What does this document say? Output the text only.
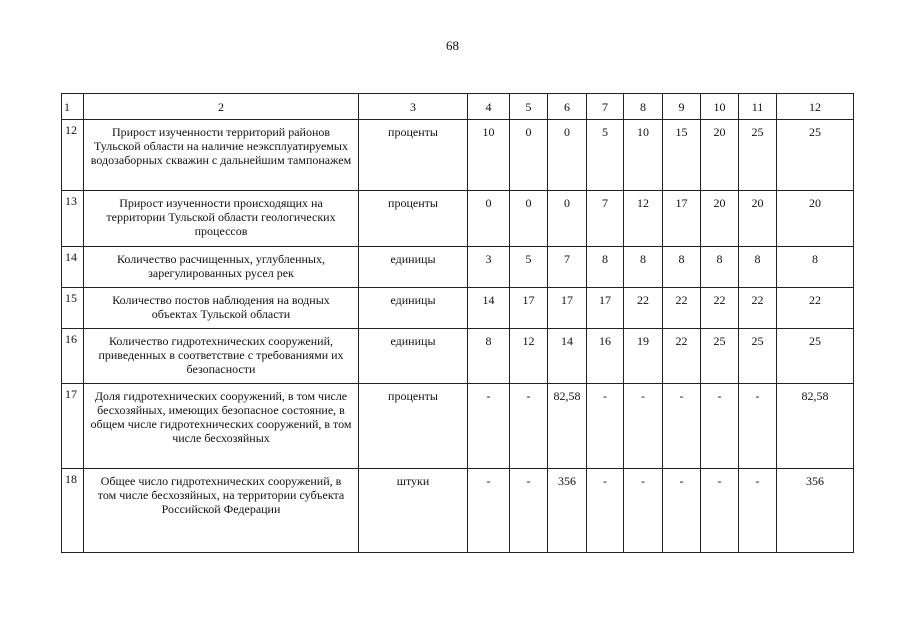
68
1	2	3	4	5	6	7	8	9	10	11	12
12	Прирост изученности территорий районов Тульской области на наличие неэксплуатируемых водозаборных скважин с дальнейшим тампонажем	проценты	10	0	0	5	10	15	20	25	25
13	Прирост изученности происходящих на территории Тульской области геологических процессов	проценты	0	0	0	7	12	17	20	20	20
14	Количество расчищенных, углубленных, зарегулированных русел рек	единицы	3	5	7	8	8	8	8	8	8
15	Количество постов наблюдения на водных объектах Тульской области	единицы	14	17	17	17	22	22	22	22	22
16	Количество гидротехнических сооружений, приведенных в соответствие с требованиями их безопасности	единицы	8	12	14	16	19	22	25	25	25
17	Доля гидротехнических сооружений, в том числе бесхозяйных, имеющих безопасное состояние, в общем числе гидротехнических сооружений, в том числе бесхозяйных	проценты	-	-	82,58	-	-	-	-	-	82,58
18	Общее число гидротехнических сооружений, в том числе бесхозяйных, на территории субъекта Российской Федерации	штуки	-	-	356	-	-	-	-	-	356
